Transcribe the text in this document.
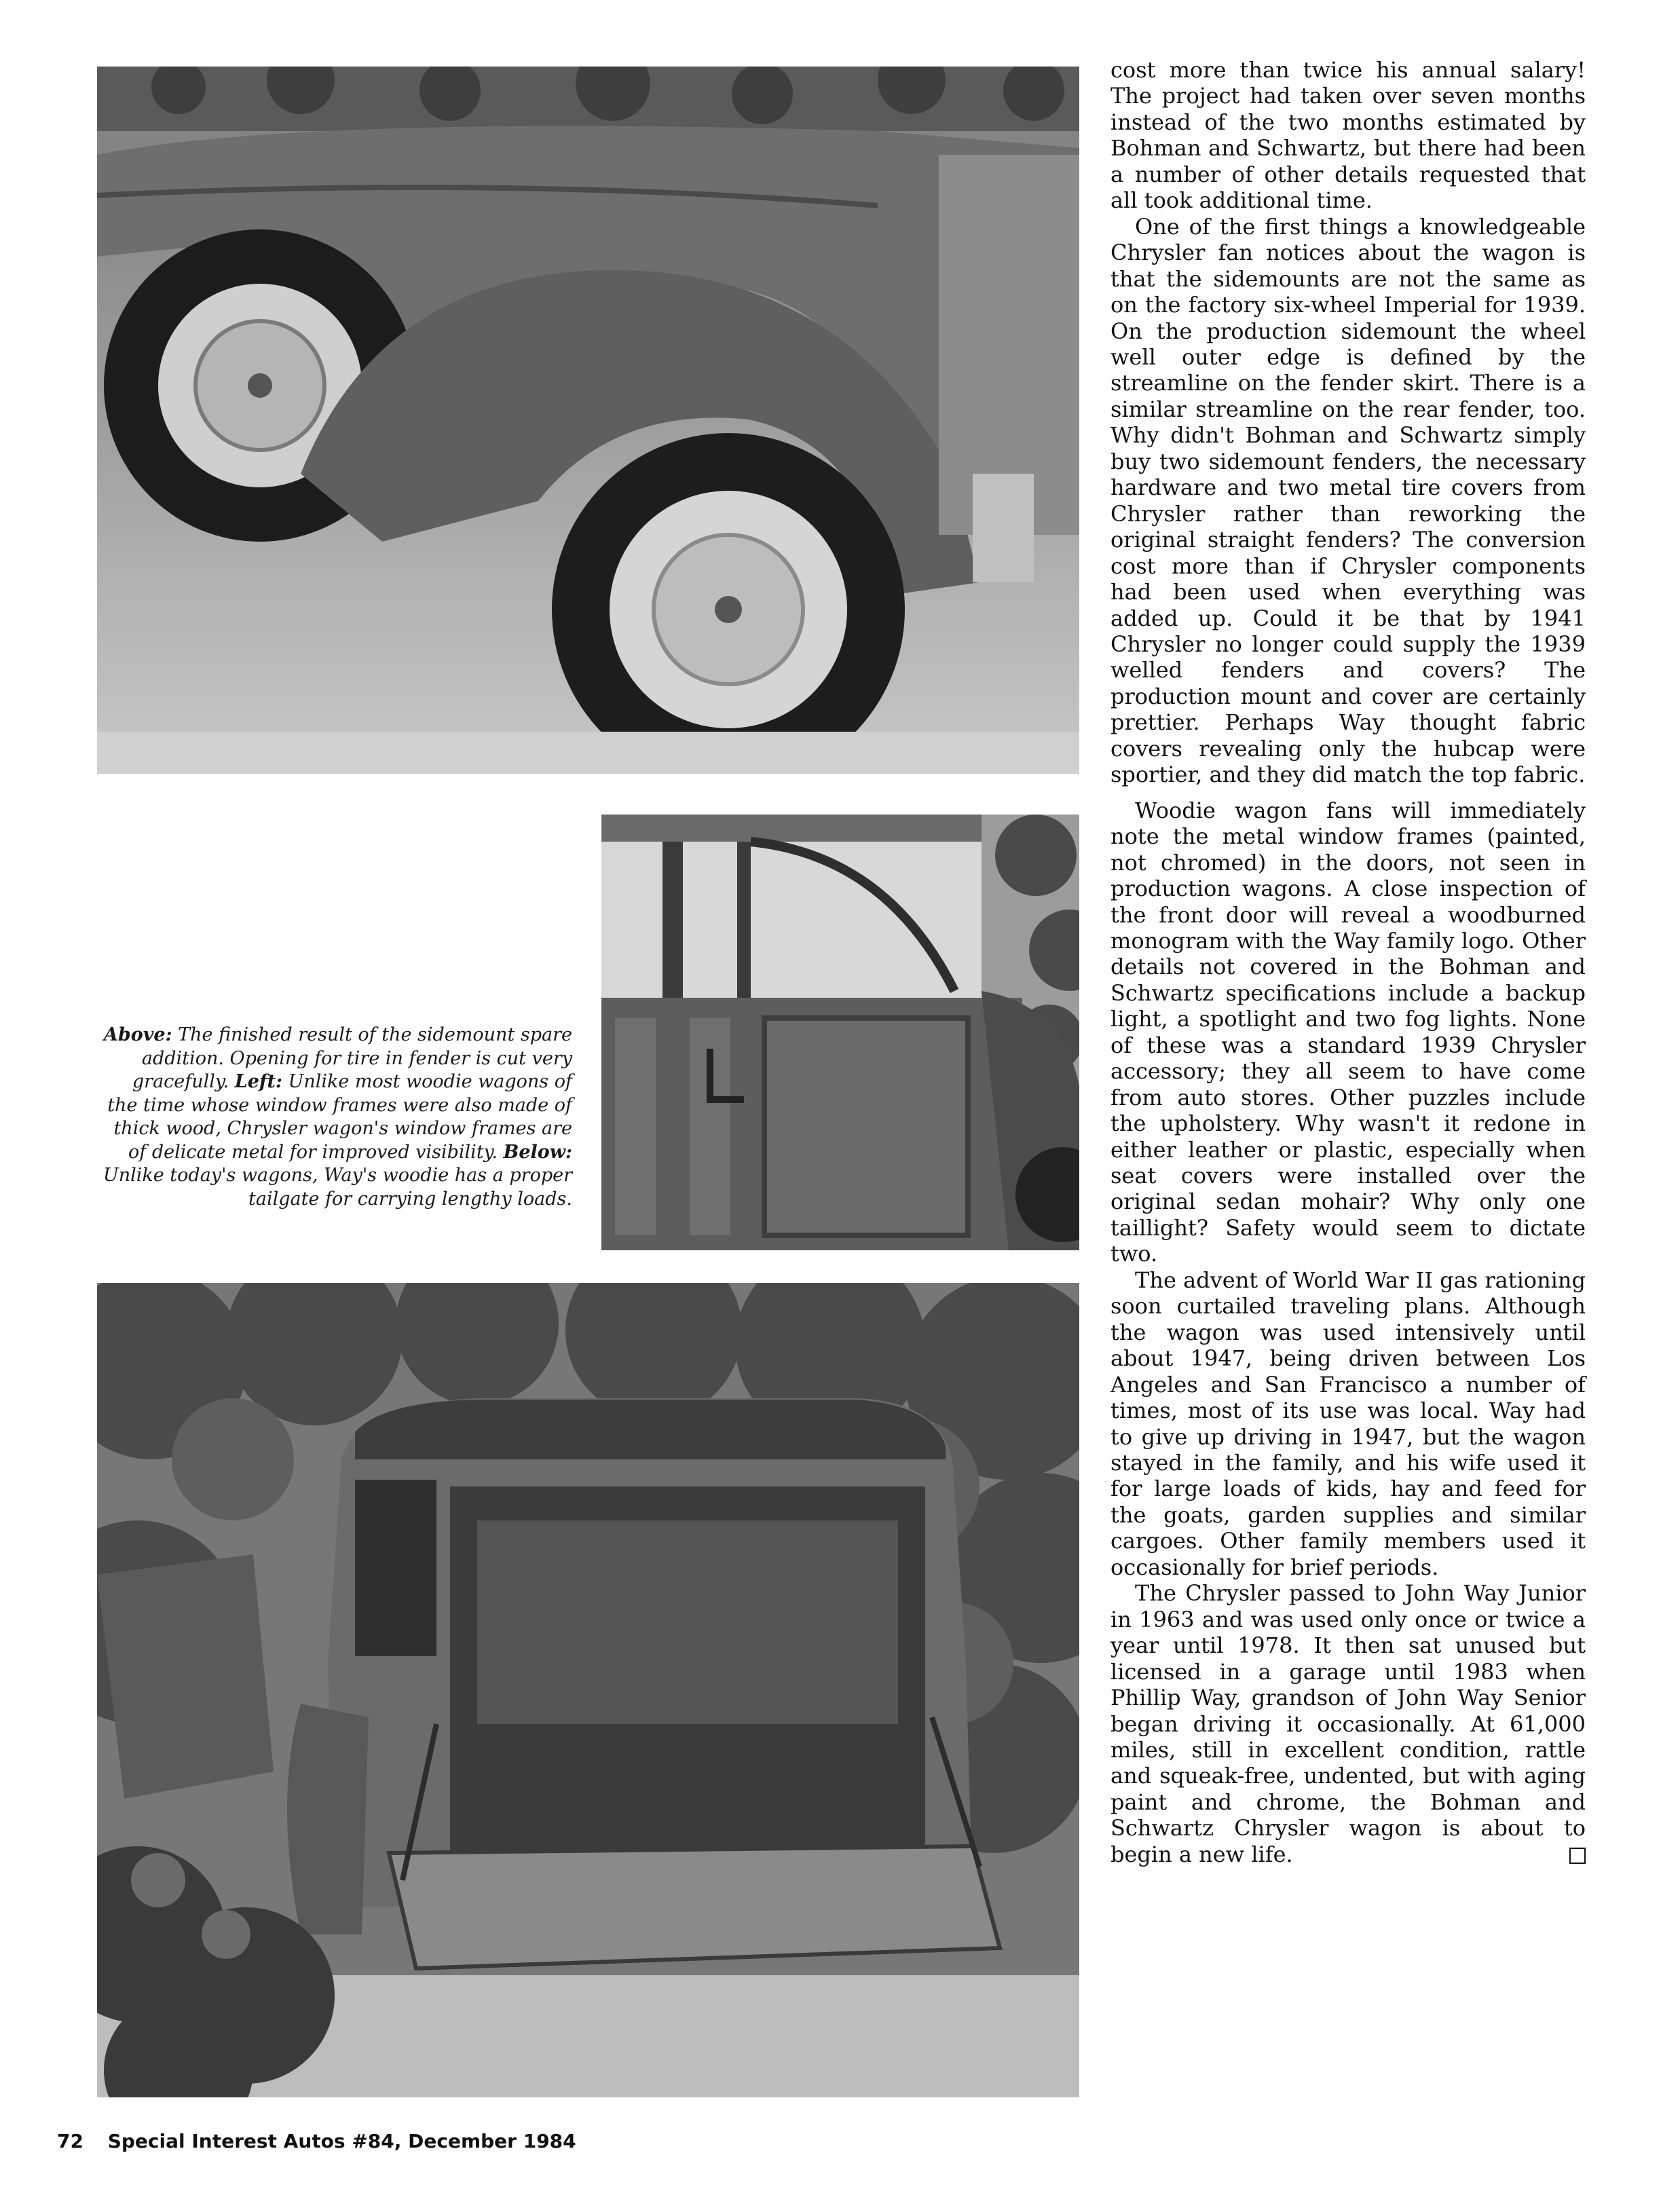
Above: The finished result of the sidemount spare addition. Opening for tire in fender is cut very gracefully. Left: Unlike most woodie wagons of the time whose window frames were also made of thick wood, Chrysler wagon's window frames are of delicate metal for improved visibility. Below: Unlike today's wagons, Way's woodie has a proper tailgate for carrying lengthy loads.

cost more than twice his annual salary! The project had taken over seven months instead of the two months estimated by Bohman and Schwartz, but there had been a number of other details requested that all took additional time.

One of the first things a knowledgeable Chrysler fan notices about the wagon is that the sidemounts are not the same as on the factory six-wheel Imperial for 1939. On the production sidemount the wheel well outer edge is defined by the streamline on the fender skirt. There is a similar streamline on the rear fender, too. Why didn't Bohman and Schwartz simply buy two sidemount fenders, the necessary hardware and two metal tire covers from Chrysler rather than reworking the original straight fenders? The conversion cost more than if Chrysler components had been used when everything was added up. Could it be that by 1941 Chrysler no longer could supply the 1939 welled fenders and covers? The production mount and cover are certainly prettier. Perhaps Way thought fabric covers revealing only the hubcap were sportier, and they did match the top fabric.

Woodie wagon fans will immediately note the metal window frames (painted, not chromed) in the doors, not seen in production wagons. A close inspection of the front door will reveal a woodburned monogram with the Way family logo. Other details not covered in the Bohman and Schwartz specifications include a backup light, a spotlight and two fog lights. None of these was a standard 1939 Chrysler accessory; they all seem to have come from auto stores. Other puzzles include the upholstery. Why wasn't it redone in either leather or plastic, especially when seat covers were installed over the original sedan mohair? Why only one taillight? Safety would seem to dictate two.

The advent of World War II gas rationing soon curtailed traveling plans. Although the wagon was used intensively until about 1947, being driven between Los Angeles and San Francisco a number of times, most of its use was local. Way had to give up driving in 1947, but the wagon stayed in the family, and his wife used it for large loads of kids, hay and feed for the goats, garden supplies and similar cargoes. Other family members used it occasionally for brief periods.

The Chrysler passed to John Way Junior in 1963 and was used only once or twice a year until 1978. It then sat unused but licensed in a garage until 1983 when Phillip Way, grandson of John Way Senior began driving it occasionally. At 61,000 miles, still in excellent condition, rattle and squeak-free, undented, but with aging paint and chrome, the Bohman and Schwartz Chrysler wagon is about to begin a new life.

72 Special Interest Autos #84, December 1984
